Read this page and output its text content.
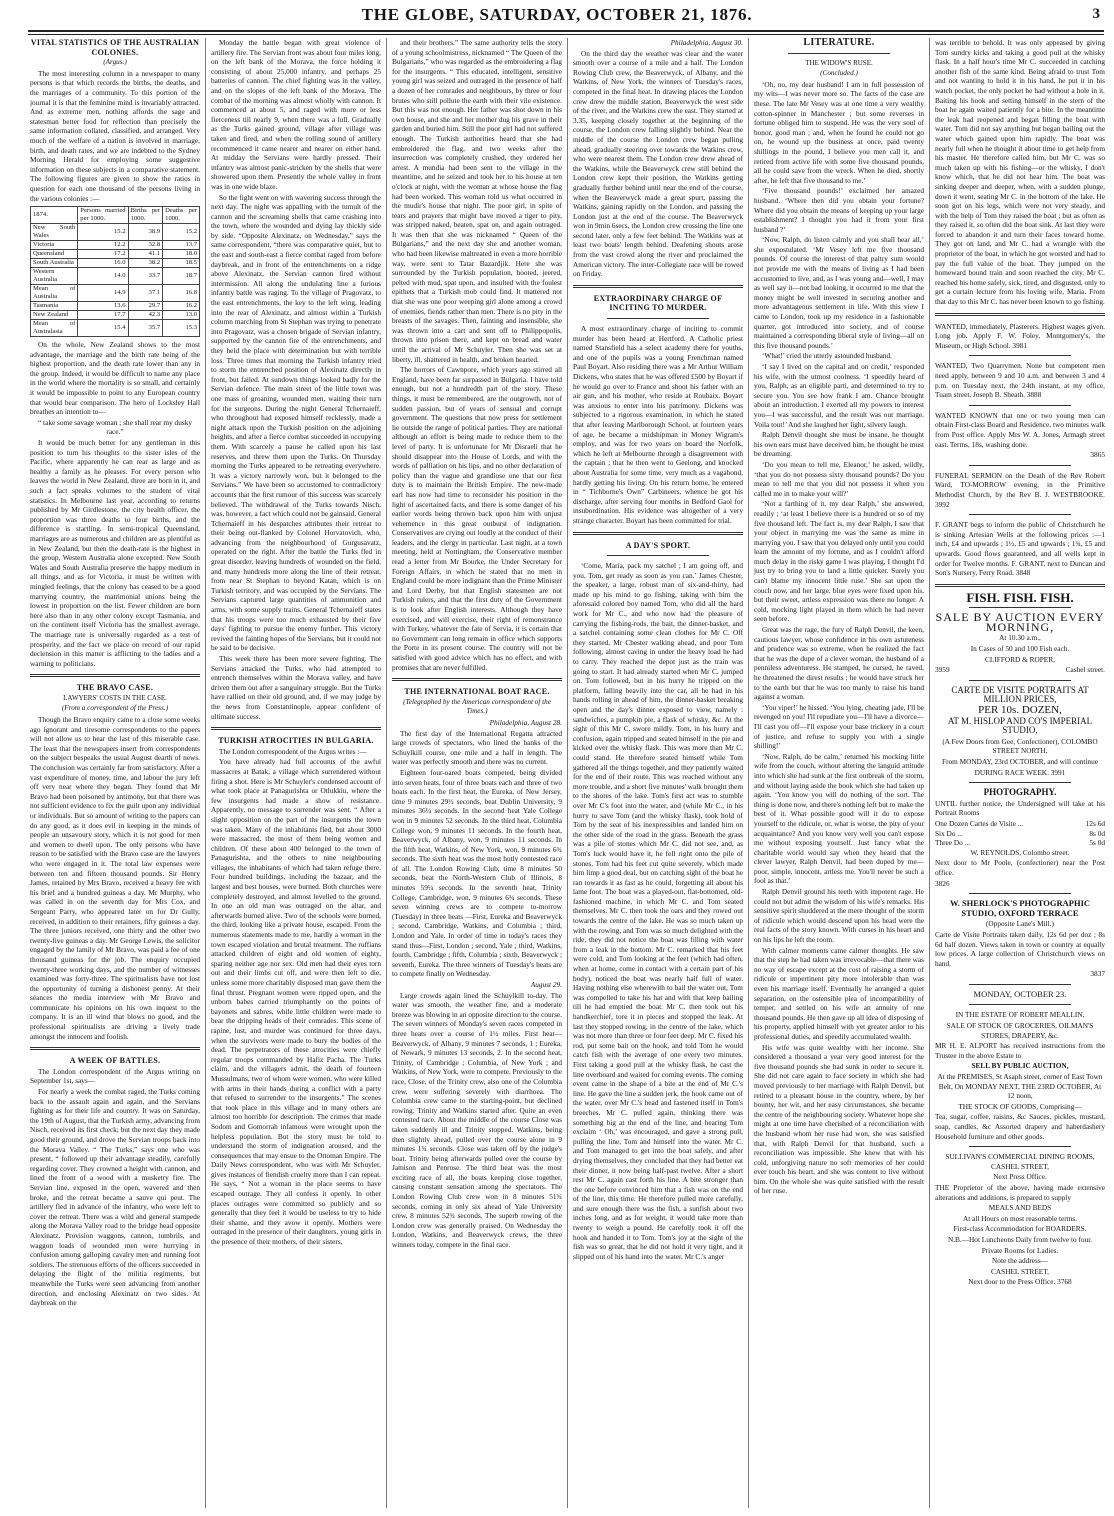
THE GLOBE, SATURDAY, OCTOBER 21, 1876.	3

VITAL STATISTICS OF THE AUSTRALIAN COLONIES.

(Argus.)

The most interesting column in a newspaper to many persons is that which records the births, the deaths, and the marriages of a community. To this portion of the journal it is that the feminine mind is invariably attracted. And as extreme men, nothing affords the sage and statesman better food for reflection than precisely the same information collated, classified, and arranged. Very much of the welfare of a nation is involved in marriage, birth, and death rates, and we are indebted to the Sydney Morning Herald for employing some suggestive information on these subjects in a comparative statement. The following figures are given to show the ratios in question for each one thousand of the persons living in the various colonies :—

1874.	Persons married per 1000.	Births per 1000.	Deaths per 1000.
New South Wales	15.2	38.9	15.2
Victoria	12.2	32.8	13.7
Queensland	17.2	41.1	18.0
South Australia	16.0	38.2	18.5
Western Australia	14.0	33.7	18.7
Mean of Australia	14.9	37.1	16.8
Tasmania	13.6	29.7	16.2
New Zealand	17.7	42.3	13.0
Mean of Australasia	15.4	35.7	15.3

On the whole, New Zealand shows to the most advantage, the marriage and the birth rate being of the highest proportion, and the death rate lower than any in the group. Indeed, it would be difficult to name any place in the world where the mortality is so small, and certainly it would be impossible to point to any European country that would bear comparison. The hero of Locksley Hall breathes an intention to—

“ take some savage woman ; she shall rear my dusky race.”

It would be much better for any gentleman in this position to turn his thoughts to the sister isles of the Pacific, where apparently he can rear as large and as healthy a family as he pleases. For every person who leaves the world in New Zealand, three are born in it, and such a fact speaks volumes to the student of vital statistics. In Melbourne last year, according to returns published by Mr Girdlestone, the city health officer, the proportion was three deaths to four births, and the difference is startling. In semi-tropical Queensland, marriages are as numerous and children are as plentiful as in New Zealand, but then the death-rate is the highest in the group, Western Australia alone excepted. New South Wales and South Australia preserve the happy medium in all things, and as for Victoria, it must be written with mingled feelings, that the colony has ceased to be a good marrying country, the matrimonial unions being the lowest in proportion on the list. Fewer children are born here also than in any other colony except Tasmania, and on the continent itself Victoria has the smallest average. The marriage rate is universally regarded as a test of prosperity, and the fact we place on record of our rapid declension in this matter is afflicting to the ladies and a warning to politicians.

THE BRAVO CASE.

LAWYERS' COSTS IN THE CASE.

(From a correspondent of the Press.)

Though the Bravo enquiry came to a close some weeks ago ignorant and tiresome correspondents to the papers will not allow us to hear the last of this miserable case. The least that the newspapers insert from correspondents on the subject bespeaks the usual August dearth of news. The conclusion was certainly far from satisfactory. After a vast expenditure of money, time, and labour the jury left off very near where they began. They found that Mr Bravo had been poisoned by antimony, but that there was not sufficient evidence to fix the guilt upon any individual or individuals. But so amount of writing to the papers can do any good, as it does evil in keeping in the minds of people an unsavoury story, which it is not good for men and women to dwell upon. The only persons who have reason to be satisfied with the Bravo case are the lawyers who were engaged in it. The total law expenses were between ten and fifteen thousand pounds. Sir Henry James, retained by Mrs Bravo, received a heavy fee with his brief and a hundred guineas a day. Mr Murphy, who was called in on the seventh day for Mrs Cox, and Sergeant Parry, who appeared later on for Dr Gully, received, in addition to their retainers, fifty guineas a day. The three juniors received, one thirty and the other two twenty-five guineas a day. Mr George Lewis, the solicitor engaged by the family of Mr Bravo, was paid a fee of one thousand guineas for the job. The enquiry occupied twenty-three working days, and the number of witnesses examined was forty-three. The spiritualists have not lost the opportunity of turning a dishonest penny. At their séances the media interview with Mr Bravo and communicate his opinions on his own inquest to the company. It is an ill wind that blows no good, and the professional spiritualists are driving a lively trade amongst the innocent and foolish.

A WEEK OF BATTLES.

The London correspondent of the Argus writing on September 1st, says—

For nearly a week the combat raged, the Turks coming back to the assault again and again, and the Servians fighting as for their life and country. It was on Saturday, the 19th of August, that the Turkish army, advancing from Nisch, received its first check; but the next day they made good their ground, and drove the Servian troops back into the Morava Valley. “ The Turks,” says one who was present, “ followed up their advantage steadily, carefully regarding cover. They crowned a height with cannon, and lined the front of a wood with a musketry fire. The Servian line, exposed in the open, wavered and then broke, and the retreat became a sauve qui peut. The artillery fled in advance of the infantry, who were left to cover the retreat. There was a wild and general stampede along the Morava Valley road to the bridge head opposite Alexinatz. Provision waggons, cannon, tumbrils, and waggon loads of wounded men were hurrying in confusion among galloping cavalry men and running foot soldiers. The strenuous efforts of the officers succeeded in delaying the flight of the militia regiments, but meanwhile the Turks were seen advancing from another direction, and enclosing Alexinatz on two sides. At daybreak on the

Monday the battle began with great violence of artillery fire. The Servian front was about four miles long, on the left bank of the Morava, the force holding it consisting of about 25,000 infantry, and perhaps 25 batteries of cannon. The chief fighting was in the valley, and on the slopes of the left bank of the Morava. The combat of the morning was almost wholly with cannon. It commenced at about 5, and raged with more or less fierceness till nearly 9, when there was a lull. Gradually as the Turks gained ground, village after village was taken and fired, and when the rolling sound of artillery recommenced it came nearer and nearer on either hand. At midday the Servians were hardly pressed. Their infantry was almost panic-stricken by the shells that were showered upon them. Presently the whole valley in front was in one wide blaze.

So the fight went on with wavering success through the next day. The night was appalling with the tumult of the cannon and the screaming shells that came crashing into the town, where the wounded and dying lay thickly side by side. “Opposite Alexinatz, on Wednesday,” says the same correspondent, “there was comparative quiet, but to the east and south-east a fierce combat raged from before daybreak, and in front of the entrenchments on a ridge above Alexinatz, the Servian cannon fired without intermission. All along the undulating line a furious infantry battle was raging. To the village of Pragovatz, to the east entrenchments, the key to the left wing, leading into the rear of Alexinatz, and almost within a Turkish column marching from St Stephan was trying to penetrate into Pragovatz, was a chosen brigade of Servian infantry, supported by the cannon fire of the entrenchments, and they held the place with determination but with terrible loss. Three times that morning the Turkish infantry tried to storm the entrenched position of Alexinatz directly in front, but failed. At sundown things looked badly for the Servian defence. The main street of the little town was one mass of groaning, wounded men, waiting their turn for the surgeons. During the night General Tchernaieff, who throughout had exposed himself recklessly, made a night attack upon the Turkish position on the adjoining heights, and after a fierce combat succeeded in occupying them. With scarcely a pause he called upon his last reserves, and threw them upon the Turks. On Thursday morning the Turks appeared to be retreating everywhere. It was a victory narrowly won, but it belonged to the Servians.” We have been so accustomed to contradictory accounts that the first rumour of this success was scarcely believed. The withdrawal of the Turks towards Nisch, was, however, a fact which could not be gainsaid. General Tchernaieff in his despatches attributes their retreat to their being out-flanked by Colonel Horvatovich, who, advancing from the neighbourhood of Gurgusavatz, operated on the right. After the battle the Turks fled in great disorder, leaving hundreds of wounded on the field, and many hundreds more along the line of their retreat, from near St Stephan to beyond Katan, which is on Turkish territory, and was occupied by the Servians. The Servians captured large quantities of ammunition and arms, with some supply trains. General Tchernaieff states that his troops were too much exhausted by their five days' fighting to pursue the enemy further. This victory revived the fainting hopes of the Servians, but it could not be said to be decisive.

This week there has been more severe fighting. The Servians attacked the Turks, who had attempted to entrench themselves within the Morava valley, and have driven them out after a sanguinary struggle. But the Turks have rallied on their old ground, and, if we may judge by the news from Constantinople, appear confident of ultimate success.

TURKISH ATROCITIES IN BULGARIA.

The London correspondent of the Argus writes :—

You have already had full accounts of the awful massacres at Batak, a village which surrendered without firing a shot. Here is Mr Schuyler's condensed account of what took place at Panagurishta or Otlukkiu, where the few insurgents had made a show of resistance. Apparently, no message to surrender was sent. “ After a slight opposition on the part of the insurgents the town was taken. Many of the inhabitants fled, but about 3000 were massacred, the most of them being women and children. Of these about 400 belonged to the town of Panagurishta, and the others to nine neighbouring villages, the inhabitants of which had taken refuge there. Four hundred buildings, including the bazaar, and the largest and best houses, were burned. Both churches were completely destroyed, and almost levelled to the ground. In one an old man was outraged on the altar, and afterwards burned alive. Two of the schools were burned, the third, looking like a private house, escaped. From the numerous statements made to me, hardly a woman in the town escaped violation and brutal treatment. The ruffians attacked children of eight and old women of eighty, sparing neither age nor sex. Old men had their eyes torn out and their limbs cut off, and were then left to die, unless some more charitably disposed man gave them the final thrust. Pregnant women were ripped open, and the unborn babes carried triumphantly on the points of bayonets and sabres, while little children were made to bear the dripping heads of their comrades. This scene of rapine, lust, and murder was continued for three days, when the survivors were made to bury the bodies of the dead. The perpetrators of these atrocities were chiefly regular troops commanded by Hafiz Pacha. The Turks claim, and the villagers admit, the death of fourteen Mussulmans, two of whom were women, who were killed with arms in their hands during a conflict with a party that refused to surrender to the insurgents.” The scenes that took place in this village and in many others are almost too horrible for description. The crimes that made Sodom and Gomorrah infamous were wrought upon the helpless population. But the story must be told to understand the storm of indignation aroused, and the consequences that may ensue to the Ottoman Empire. The Daily News correspondent, who was with Mr Schuyler, gives instances of fiendish cruelty more than I can repeat. He says, “ Not a woman in the place seems to have escaped outrage. They all confess it openly. In other places outrages were committed so publicly and so generally that they feel it would be useless to try to hide their shame, and they avow it openly. Mothers were outraged in the presence of their daughters, young girls in the presence of their mothers, of their sisters,

and their brothers.” The same authority tells the story of a young schoolmistress, nicknamed “ The Queen of the Bulgarians,” who was regarded as the embroidering a flag for the insurgents. “ This educated, intelligent, sensitive young girl was seized and outraged in the presence of half a dozen of her comrades and neighbours, by three or four brutes who still pollute the earth with their vile existence. But this was not enough. Her father was shot down in his own house, and she and her mother dug his grave in their garden and buried him. Still the poor girl had not suffered enough. The Turkish authorities heard that she had embroidered the flag, and two weeks after the insurrection was completely crushed, they ordered her arrest. A mundia had been sent to the village in the meantime, and he seized and took her to his house at ten o'clock at night, with the woman at whose house the flag had been worked. This woman told us what occurred in the mudir's house that night. The poor girl, in spite of tears and prayers that might have moved a tiger to pity, was stripped naked, beaten, spat on, and again outraged. It was then that she was nicknamed “ Queen of the Bulgarians,” and the next day she and another woman, who had been likewise maltreated in even a more horrible way, were sent to Tatar Bazardjik. Here she was surrounded by the Turkish population, hooted, jeered, pelted with mud, spat upon, and insulted with the foulest epithets that a Turkish mob could find. It mattered not that she was one poor weeping girl alone among a crowd of enemies, fiends rather than men. There is no pity in the breasts of the savages. Then, fainting and insensible, she was thrown into a cart and sent off to Philippopolis, thrown into prison there, and kept on bread and water until the arrival of Mr Schuyler. Then she was set at liberty, ill, shattered in health, and broken hearted.

The horrors of Cawnpore, which years ago stirred all England, have been far surpassed in Bulgaria. I have told enough, but not a hundredth part of the story. These things, it must be remembered, are the outgrowth, not of sudden passion, but of years of sensual and corrupt government. The questions that now press for settlement lie outside the range of political parties. They are national although an effort is being made to reduce them to the level of party. It is unfortunate for Mr Disraeli that he should disappear into the House of Lords, and with the words of palliation on his lips, and no other declaration of policy than the vague and grandiose one that our first duty is to maintain the British Empire. The new-made earl has now had time to reconsider his position in the light of ascertained facts, and there is some danger of his earlier words being thrown back upon him with unjust vehemence in this great outburst of indignation. Conservatives are crying out loudly at the conduct of their leaders, and the clergy in particular. Last night, at a town meeting, held at Nottingham, the Conservative member read a letter from Mr Bourke, the Under Secretary for Foreign Affairs, in which he stated that no men in England could be more indignant than the Prime Minister and Lord Derby, but that English statesmen are not Turkish rulers, and that the first duty of the Government is to look after English interests. Although they have exercised, and will exercise, their right of remonstrance with Turkey, whatever the fate of Servia, it is certain that no Government can long remain in office which supports the Porte in its present course. The country will not be satisfied with good advice which has no effect, and with promises that are never fulfilled.

THE INTERNATIONAL BOAT RACE.

(Telegraphed by the American correspondent of the Times.)

Philadelphia, August 28.

The first day of the International Regatta attracted large crowds of spectators, who lined the banks of the Schuylkill course, one mile and a half in length. The water was perfectly smooth and there was no current.

Eighteen four-oared boats competed, being divided into seven heats, four of three boats each and three of two boats each. In the first heat, the Eureka, of New Jersey, time 9 minutes 29½ seconds, beat Dublin University, 9 minutes 36¼ seconds. In the second heat Yale College won in 9 minutes 52 seconds. In the third heat, Columbia College won, 9 minutes 11 seconds. In the fourth heat, Beaverwyck, of Albany, won, 9 minutes 11 seconds. In the fifth heat, Watkins, of New York, won, 9 minutes 6¾ seconds. The sixth heat was the most hotly contested race of all. The London Rowing Club, time 8 minutes 50 seconds, beat the North-Western Club of Illinois, 8 minutes 59¼ seconds. In the seventh heat, Trinity College, Cambridge, won, 9 minutes 6¾ seconds. These seven winning crews are to compete to-morrow (Tuesday) in three heats —First, Eureka and Beaverwyck ; second, Cambridge, Watkins, and Columbia ; third, London and Yale. In order of time in today's races they stand thus—First, London ; second, Yale ; third, Watkins, fourth, Cambridge ; fifth, Columbia ; sixth, Beaverwyck ; seventh, Eureka. The three winners of Tuesday's heats are to compete finally on Wednesday.

August 29.

Large crowds again lined the Schuylkill to-day. The water was smooth, the weather fine, and a moderate breeze was blowing in an opposite direction to the course. The seven winners of Monday's seven races competed in three heats over a course of 1½ miles. First heat—Beaverwyck, of Albany, 9 minutes 7 seconds, 1 ; Eureka, of Newark, 9 minutes 13 seconds, 2. In the second heat, Trinity, of Cambridge ; Columbia, of New York ; and Watkins, of New York, were to compete. Previously to the race, Close, of the Trinity crew, also one of the Columbia crew, were suffering severely with diarrhoea. The Columbia crew came to the starting-point, but declined rowing. Trinity and Watkins started after. Quite an even contested race. About the middle of the course Close was taken suddenly ill and Trinity stopped. Watkins, being then slightly ahead, pulled over the course alone in 9 minutes 1¾ seconds. Close was taken off by the judge's boat. Trinity being afterwards pulled over the course by Jamison and Penrose. The third heat was the most exciting race of all, the boats keeping close together, causing constant sensation among the spectators. The London Rowing Club crew won in 8 minutes 51¾ seconds, coming in only six ahead of Yale University crew, 8 minutes 52¾ seconds. The superb rowing of the London crew was generally praised. On Wednesday the London, Watkins, and Beaverwyck crews, the three winners today, compete in the final race.

Philadelphia, August 30.

On the third day the weather was clear and the water smooth over a course of a mile and a half. The London Rowing Club crew, the Beaverwyck, of Albany, and the Watkins, of New York, the winners of Tuesday's races, competed in the final heat. In drawing places the London crew drew the middle station, Beaverwyck the west side of the river, and the Watkins crew the east. They started at 3.35, keeping closely together at the beginning of the course, the London crew falling slightly behind. Near the middle of the course the London crew began pulling ahead, gradually steering over towards the Watkins crew, who were nearest them. The London crew drew ahead of the Watkins, while the Beaverwyck crew still behind the London crew kept their position, the Watkins getting gradually further behind until near the end of the course, when the Beaverwyck made a great spurt, passing the Watkins, gaining rapidly on the London, and passing the London just at the end of the course. The Beaverwyck won in 9min 6secs, the London crew crossing the line one second later, only a few feet behind. The Watkins was at least two boats' length behind. Deafening shouts arose from the vast crowd along the river and proclaimed the American victory. The inter-Collegiate race will be rowed on Friday.

EXTRAORDINARY CHARGE OF INCITING TO MURDER.

A most extraordinary charge of inciting to commit murder has been heard at Hertford. A Catholic priest named Stansfield has a select academy there for youths, and one of the pupils was a young Frenchman named Paul Boyart. Also residing there was a Mr Arthur William Dickens, who states that he was offered £500 by Boyart if he would go over to France and shoot his father with an air gun, and his mother, who reside at Roubaix. Boyart was anxious to enter into his patrimony. Dickens was subjected to a rigorous examination, in which he stated that after leaving Marlborough School, at fourteen years of age, he became a midshipman in Money Wigram's employ, and was for two years on board the Norfolk, which he left at Melbourne through a disagreement with the captain ; that he then went to Geelong, and knocked about Australia for some time, very much as a vagabond, hardly getting his living. On his return home, he entered in “ Tichborne's Own” Carbineers, whence he got his discharge, after serving four months in Bedford Gaol for insubordination. His evidence was altogether of a very strange character. Boyart has been committed for trial.

A DAY'S SPORT.

‘Come, Maria, pack my satchel ; I am going off, and you, Tom, get ready as soon as you can.’ James Chester, the speaker, a large, robust man of six-and-thirty, had made up his mind to go fishing, taking with him the aforesaid colored boy named Tom, who did all the hard work for Mr C., and who now had the pleasure of carrying the fishing-rods, the bait, the dinner-basket, and a satchel containing some clean clothes for Mr C. Off they started, Mr Chester walking ahead, and poor Tom following, almost caving in under the heavy load he had to carry. They reached the depot just as the train was going to start. It had already started when Mr C. jumped on. Tom followed, but in his hurry he tripped on the platform, falling heavily into the car, all he had in his hands rolling in ahead of him, the dinner-basket breaking open and the day's dinner exposed to view, namely : sandwiches, a pumpkin pie, a flask of whisky, &c. At the sight of this Mr C. swore mildly. Tom, in his hurry and confusion, again tripped and seated himself in the pie and kicked over the whisky flask. This was more than Mr C. could stand. He therefore seated himself while Tom gathered all the things together, and they patiently waited for the end of their route. This was reached without any more trouble, and a short five minutes' walk brought them to the shores of the lake. Tom's first act was to stumble over Mr C's foot into the water, and (while Mr C., in his hurry to save Tom (and the whisky flask), took hold of Tom by the seat of his inexpressibles and landed him on the other side of the road in the grass. Beneath the grass was a pile of stones which Mr C. did not see, and, as Tom's luck would have it, he fell right onto the pile of stones, Tom had his feet cut quite severely, which made him limp a good deal, but on catching sight of the boat he ran towards it as fast as he could, forgetting all about his lame foot. The boat was a played-out, flat-bottomed, old-fashioned machine, in which Mr C. and Tom seated themselves. Mr C. then took the oars and they rowed out towards the centre of the lake. He was so much taken up with the rowing, and Tom was so much delighted with the ride, they did not notice the boat was filling with water from a leak in the bottom. Mr C. remarked that his feet were cold, and Tom looking at the feet (which had often, when at home, come in contact with a certain part of his body), noticed the boat was nearly half full of water. Having nothing else wherewith to bail the water out, Tom was compelled to take his hat and with that keep bailing till he had emptied the boat. Mr C. then took out his handkerchief, tore it in pieces and stopped the leak. At last they stopped rowing, in the centre of the lake, which was not more than three or four feet deep. Mr C. fixed his rod, put some bait on the hook, and told Tom he would catch fish with the average of one every two minutes. First taking a good pull at the whisky flask, he cast the line overboard and waited for coming events. The coming event came in the shape of a bite at the end of Mr C.'s line. He gave the line a sudden jerk, the hook came out of the water, over Mr C.'s head and fastened itself in Tom's breeches. Mr C. pulled again, thinking there was something big at the end of the line, and hearing Tom exclaim ‘ Oh,’ was encouraged, and gave a strong pull, pulling the line, Tom and himself into the water. Mr C. and Tom managed to get into the boat safely, and after drying themselves, they concluded that they had better eat their dinner, it now being half-past twelve. After a short rest Mr C. again cast forth his line. A bite stronger than the one before convinced him that a fish was on the end of the line, this time. He therefore pulled more carefully, and sure enough there was the fish, a sunfish about two inches long, and as for weight, it would take more than twenty to weigh a pound. He carefully took it off the hook and handed it to Tom. Tom's joy at the sight of the fish was so great, that he did not hold it very tight, and it slipped out of his hand into the water. Mr C.'s anger

LITERATURE.

THE WIDOW'S RUSE.

(Concluded.)

‘Oh, no, my dear husband! I am in full possession of my wits—I was never more so. The facts of the case are these. The late Mr Vesey was at one time a very wealthy cotton-spinner in Manchester ; but some reverses in fortune obliged him to suspend. He was the very soul of honor, good man ; and, when he found he could not go on, he wound up the business at once, paid twenty shillings in the pound, I believe you men call it, and retired from active life with some five thousand pounds, all he could save from the wreck. When he died, shortly after, he left that five thousand to me.’

‘Five thousand pounds!’ exclaimed her amazed husband. ‘Where then did you obtain your fortune? Where did you obtain the means of keeping up your large establishment? I thought you had it from your first husband ?’

‘Now, Ralph, do listen calmly and you shall hear all,’ she expostulated. ‘Mr Vesey left me five thousand pounds. Of course the interest of that paltry sum would not provide me with the means of living as I had been accustomed to live, and, as I was young and—well, I may as well say it—not bad looking, it occurred to me that the money might be well invested in securing another and more advantageous settlement in life. With this view I came to London, took up my residence in a fashionable quarter, got introduced into society, and of course maintained a corresponding liberal style of living—all on this five thousand pounds.’

‘What!’ cried the utterly astounded husband.

‘I say I lived on the capital and on credit,’ responded his wife, with the utmost coolness. ‘I speedily heard of you, Ralph, as an eligible parti, and determined to try to secure you. You see how frank I am. Chance brought about an introduction. I exerted all my powers to interest you—I was successful, and the result was our marriage. Voila tout!’ And she laughed her light, silvery laugh.

Ralph Denvil thought she must be insane, he thought his own ears must have deceived him, he thought he must be dreaming.

‘Do you mean to tell me, Eleanor,’ he asked, wildly, ‘that you do not possess sixty thousand pounds? Do you mean to tell me that you did not possess it when you called me in to make your will?’

‘Not a farthing of it, my dear Ralph,’ she answered, readily ; ‘at least I believe there is a hundred or so of my five thousand left. The fact is, my dear Ralph, I saw that your object in marrying me was the same as mine in marrying you. I saw that you delayed only until you could learn the amount of my fortune, and as I couldn't afford much delay in the risky game I was playing, I thought I'd just try to bring you to land a little quicker. Surely you can't blame my innocent little ruse.’ She sat upon the couch now, and her large, blue eyes were fixed upon his, but their sweet, artless expression was there no longer. A cold, mocking light played in them which he had never seen before.

Great was the rage, the fury of Ralph Denvil, the keen, cautious lawyer, whose confidence in his own astuteness and prudence was so extreme, when he realized the fact that he was the dupe of a clever woman, the husband of a penniless adventuress. He stamped, he cursed, he raved, he threatened the direst results ; he would have struck her to the earth but that he was too manly to raise his hand against a woman.

‘You viper!’ he hissed. ‘You lying, cheating jade, I'll be revenged on you! I'll repudiate you—I'll have a divorce—I'll cast you off—I'll expose your base trickery in a court of justice, and refuse to supply you with a single shilling!’

‘Now, Ralph, do be calm,’ returned his mocking little wife from the couch, without altering the languid attitude into which she had sunk at the first outbreak of the storm, and without laying aside the book which she had taken up again. ‘You know you will do nothing of the sort. The thing is done now, and there's nothing left but to make the best of it. What possible good will it do to expose yourself to the ridicule, or, what is worse, the pity of your acquaintance? And you know very well you can't expose me without exposing yourself. Just fancy what the charitable world would say when they heard that the clever lawyer, Ralph Denvil, had been duped by me—poor, simple, innocent, artless me. You'll never be such a fool as that.’

Ralph Denvil ground his teeth with impotent rage. He could not but admit the wisdom of his wife's remarks. His sensitive spirit shuddered at the mere thought of the storm of ridicule which would descend upon his head were the real facts of the story known. With curses in his heart and on his lips he left the room.

With calmer moments came calmer thoughts. He saw that the step he had taken was irrevocable—that there was no way of escape except at the cost of raising a storm of ridicule or impertinent pity more intolerable than was even his marriage itself. Eventually he arranged a quiet separation, on the ostensible plea of incompatibility of temper, and settled on his wife an annuity of one thousand pounds. He then gave up all idea of disposing of his property, applied himself with yet greater ardor to his professional duties, and speedily accumulated wealth.

His wife was quite wealthy with her income. She considered a thousand a year very good interest for the five thousand pounds she had sunk in order to secure it. She did not care again to face society in which she had moved previously to her marriage with Ralph Denvil, but retired to a pleasant house in the country, where, by her bounty, her wit, and her easy circumstances, she became the centre of the neighbouring society. Whatever hope she might at one time have cherished of a reconciliation with the husband whom her ruse had won, she was satisfied that, with Ralph Denvil for that husband, such a reconciliation was impossible. She knew that with his cold, unforgiving nature no soft memories of her could ever touch his heart, and she was content to live without him. On the whole she was quite satisfied with the result of her ruse.

was terrible to behold. It was only appeased by giving Tom sundry kicks and taking a good pull at the whisky flask. In a half hour's time Mr C. succeeded in catching another fish of the same kind. Being afraid to trust Tom and not wanting to hold it in his hand, he put it in his watch pocket, the only pocket he had without a hole in it. Baiting his hook and setting himself in the stern of the boat he again waited patiently for a bite. In the meantime the leak had reopened and began filling the boat with water. Tom did not say anything but began bailing out the water which gained upon him rapidly. The boat was nearly full when he thought it about time to get help from his master. He therefore called him, but Mr C. was so much taken up with his fishing—or the whisky, I don't know which, that he did not hear him. The boat was sinking deeper and deeper, when, with a sudden plunge, down it went, seating Mr C. in the bottom of the lake. He soon got on his legs, which were not very steady, and with the help of Tom they raised the boat ; but as often as they raised it, so often did the boat sink. At last they were forced to abandon it and turn their faces toward home. They got on land, and Mr C. had a wrangle with the proprietor of the boat, in which he got worsted and had to pay the full value of the boat. They jumped on the homeward bound train and soon reached the city. Mr C. reached his home safely, sick, tired, and disgusted, only to get a curtain lecture from his loving wife, Maria. From that day to this Mr C. has never been known to go fishing.

WANTED, immediately, Plasterers. Highest wages given. Long job. Apply F. W. Foley, Montgomery's, the Museum, or High School. 3981

WANTED, Two Quarrymen. None but competent men need apply, between 9 and 10 a.m. and between 3 and 4 p.m. on Tuesday next, the 24th instant, at my office, Tuam street. Joseph B. Sheath. 3888

WANTED KNOWN that one or two young men can obtain First-class Board and Residence, two minutes walk from Post office. Apply Mrs W. A. Jones, Armagh street east. Terms, 18s, washing done.

3865

FUNERAL SERMON on the Death of the Rev Robert Ward, TO-MORROW evening, in the Primitive Methodist Church, by the Rev B. J. WESTBROOKE. 3992

F. GRANT begs to inform the public of Christchurch he is sinking Artesian Wells at the following prices :—1 inch, £4 and upwards ; 1½, £5 and upwards ; 1¾, £5 and upwards. Good flows guaranteed, and all wells kept in order for Twelve months. F. GRANT, next to Duncan and Son's Nursery, Ferry Road. 3848

FISH. FISH. FISH.

SALE BY AUCTION EVERY MORNING,

At 10.30 a.m.,

In Cases of 50 and 100 Fish each.

CLIFFORD & ROPER,

3959	Cashel street.

CARTE DE VISITE PORTRAITS AT MILLION PRICES,

PER 10s. DOZEN,

AT M. HISLOP AND CO'S IMPERIAL STUDIO,

(A Few Doors from Gee, Confectioner), COLOMBO STREET NORTH,

From MONDAY, 23rd OCTOBER, and will continue

DURING RACE WEEK. 3991

PHOTOGRAPHY.

UNTIL further notice, the Undersigned will take at his Portrait Rooms

One Dozen Cartes de Visite ...	12s 6d
Six Do ...	8s 0d
Three Do ...	5s 0d

W. REYNOLDS, Colombo street.

Next door to Mr Poole, (confectioner) near the Post office.

3826

W. SHERLOCK'S PHOTOGRAPHIC STUDIO, OXFORD TERRACE

(Opposite Lane's Mill.)

Carte de Visite Portraits taken daily, 12s 6d per doz ; 8s 6d half dozen. Views taken in town or country at equally low prices. A large collection of Christchurch views on hand.

3837

MONDAY, OCTOBER 23.

IN THE ESTATE OF ROBERT MEALLIN,

SALE OF STOCK OF GROCERIES, OILMAN'S STORES, DRAPERY, &c.

MR H. E. ALPORT has received instructions from the Trustee in the above Estate to

SELL BY PUBLIC AUCTION,

At the PREMISES, St Asaph street, corner of East Town Belt, On MONDAY NEXT, THE 23RD OCTOBER, At 12 noon,

THE STOCK OF GOODS, Comprising—

Tea, sugar, coffee, raisins, &c Sauces, pickles, mustard, soap, candles, &c Assorted drapery and haberdashery Household furniture and other goods.

SULLIVAN'S COMMERCIAL DINING ROOMS, CASHEL STREET,

Next Press Office.

THE Proprietor of the above, having made extensive alterations and additions, is prepared to supply

MEALS AND BEDS

At all Hours on most reasonable terms.

First-class Accommodation for BOARDERS.

N.B.—Hot Luncheons Daily from twelve to four.

Private Rooms for Ladies.

Note the address—

CASHEL STREET,

Next door to the Press Office. 3768
